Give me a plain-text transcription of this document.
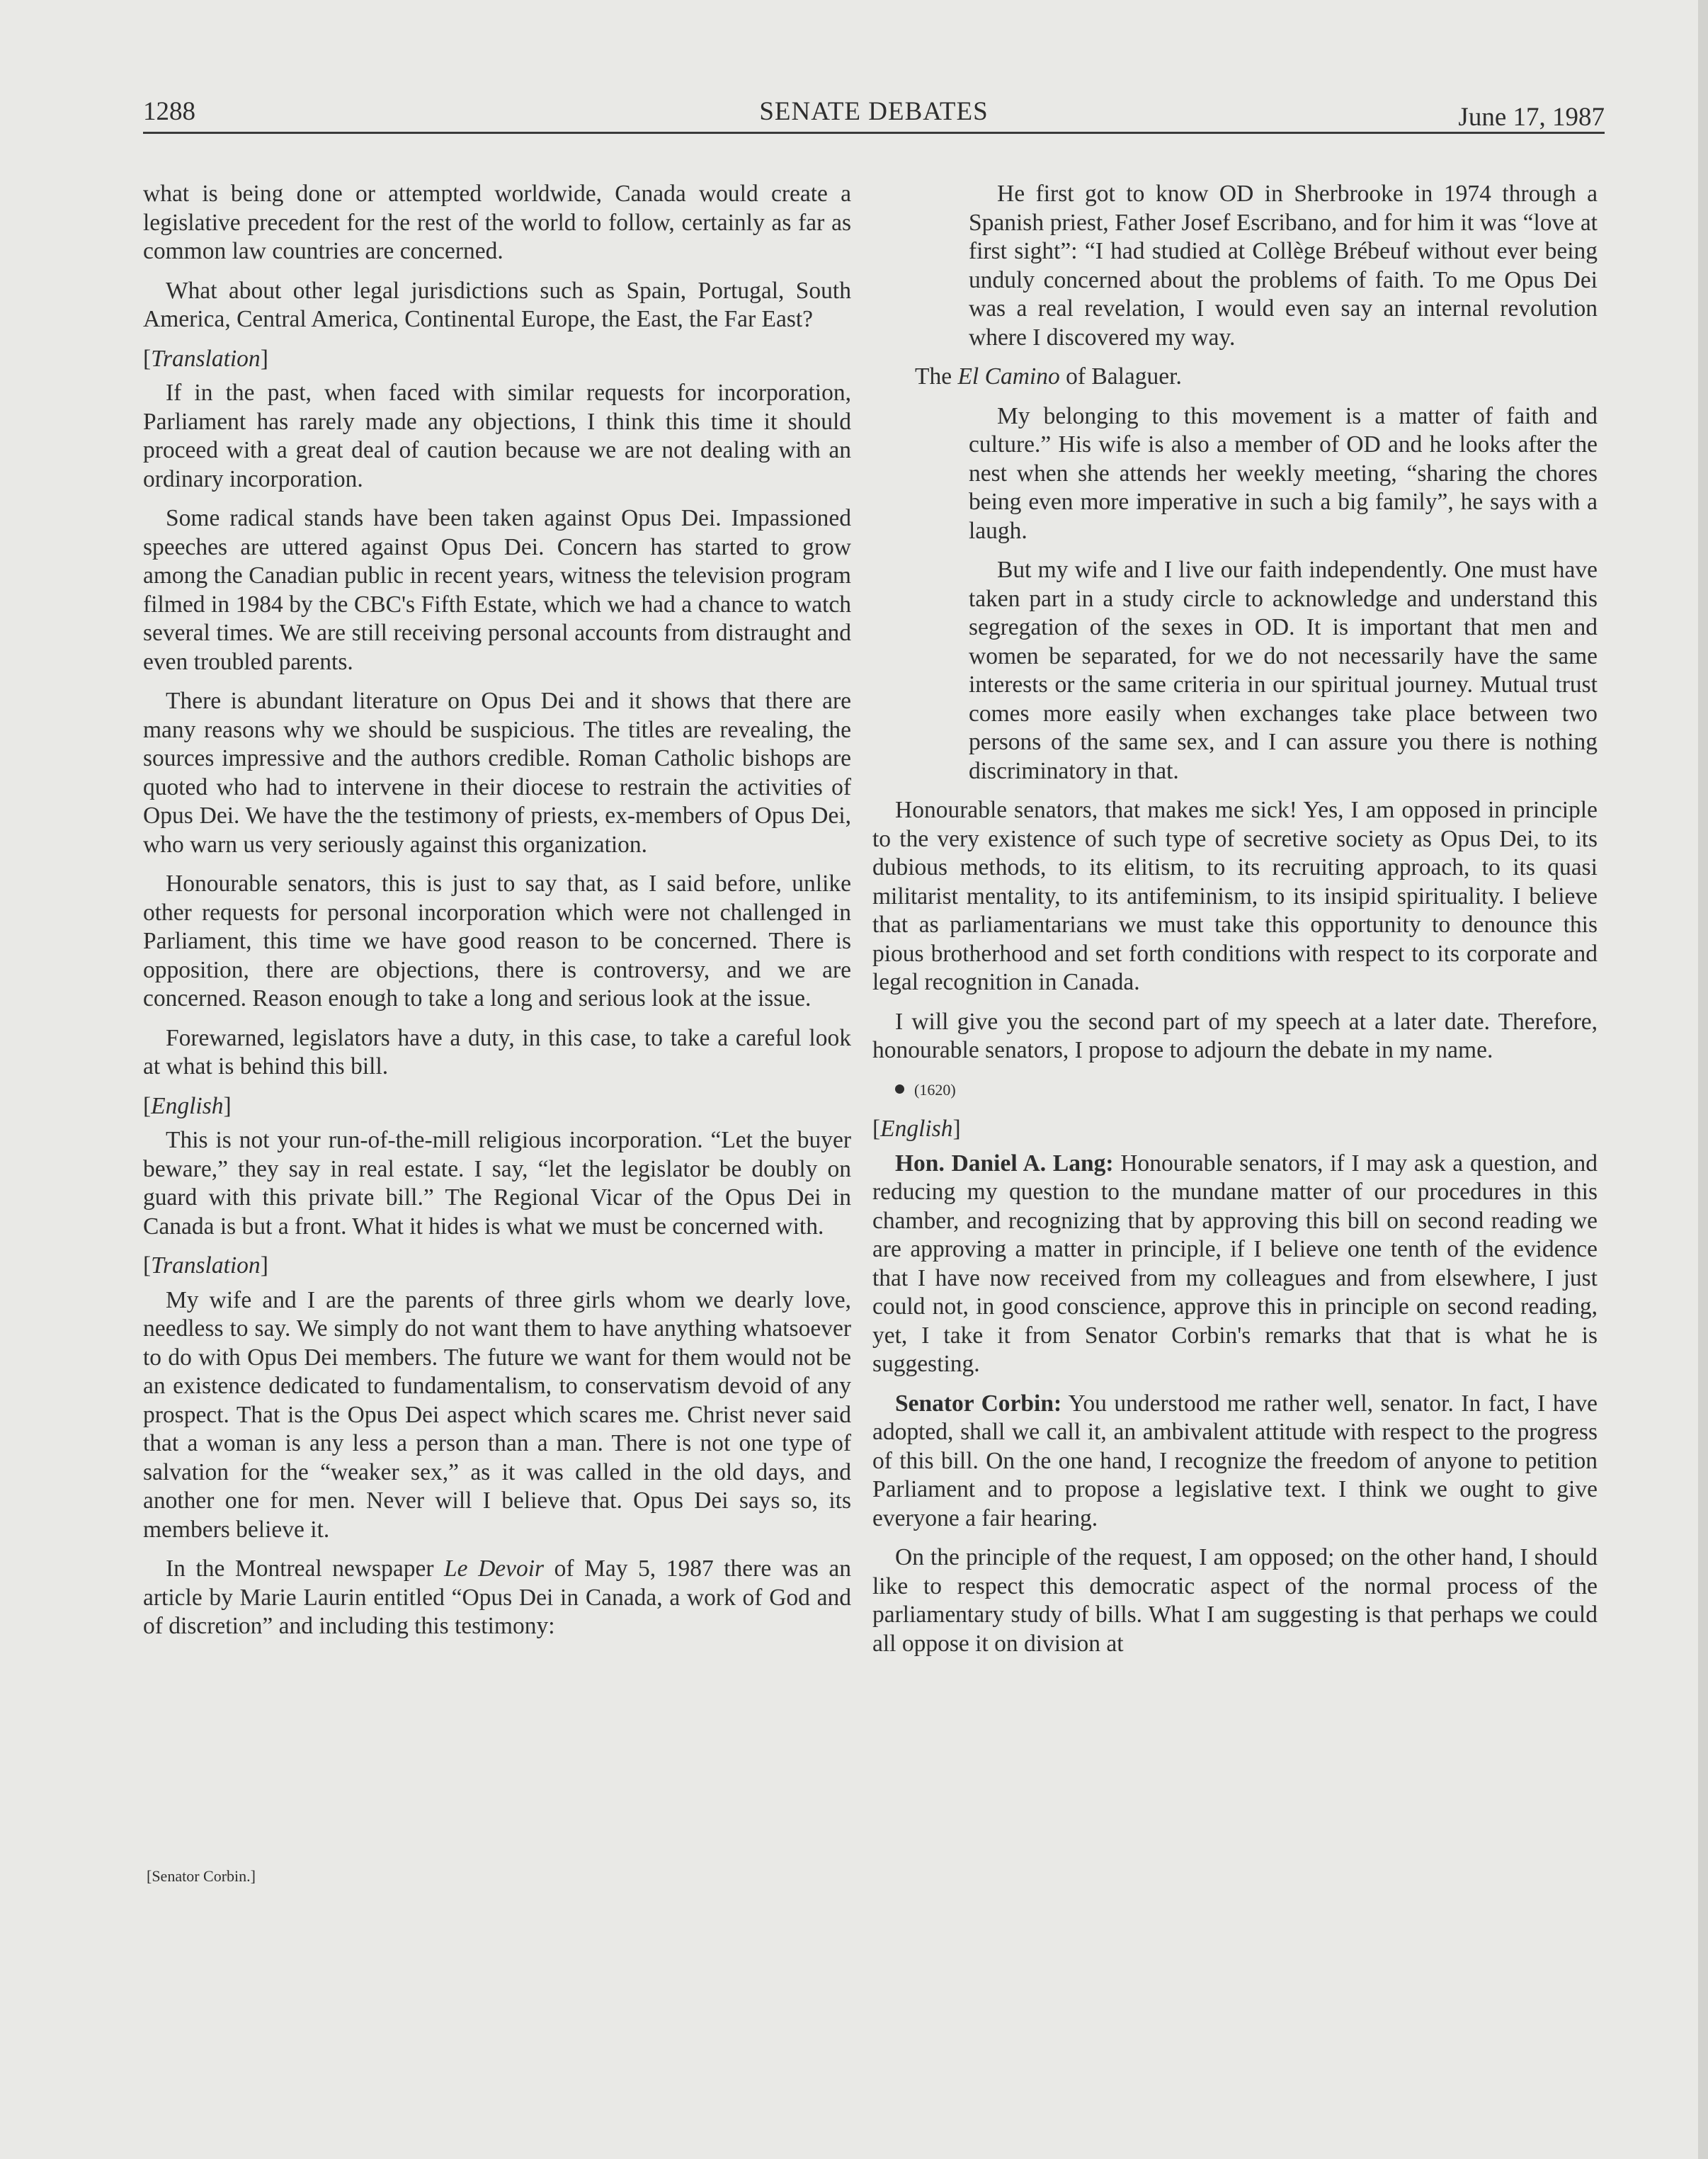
1288	SENATE DEBATES	June 17, 1987

what is being done or attempted worldwide, Canada would create a legislative precedent for the rest of the world to follow, certainly as far as common law countries are concerned.

What about other legal jurisdictions such as Spain, Portugal, South America, Central America, Continental Europe, the East, the Far East?

[Translation]

If in the past, when faced with similar requests for incorporation, Parliament has rarely made any objections, I think this time it should proceed with a great deal of caution because we are not dealing with an ordinary incorporation.

Some radical stands have been taken against Opus Dei. Impassioned speeches are uttered against Opus Dei. Concern has started to grow among the Canadian public in recent years, witness the television program filmed in 1984 by the CBC's Fifth Estate, which we had a chance to watch several times. We are still receiving personal accounts from distraught and even troubled parents.

There is abundant literature on Opus Dei and it shows that there are many reasons why we should be suspicious. The titles are revealing, the sources impressive and the authors credible. Roman Catholic bishops are quoted who had to intervene in their diocese to restrain the activities of Opus Dei. We have the the testimony of priests, ex-members of Opus Dei, who warn us very seriously against this organization.

Honourable senators, this is just to say that, as I said before, unlike other requests for personal incorporation which were not challenged in Parliament, this time we have good reason to be concerned. There is opposition, there are objections, there is controversy, and we are concerned. Reason enough to take a long and serious look at the issue.

Forewarned, legislators have a duty, in this case, to take a careful look at what is behind this bill.

[English]

This is not your run-of-the-mill religious incorporation. “Let the buyer beware,” they say in real estate. I say, “let the legislator be doubly on guard with this private bill.” The Regional Vicar of the Opus Dei in Canada is but a front. What it hides is what we must be concerned with.

[Translation]

My wife and I are the parents of three girls whom we dearly love, needless to say. We simply do not want them to have anything whatsoever to do with Opus Dei members. The future we want for them would not be an existence dedicated to fundamentalism, to conservatism devoid of any prospect. That is the Opus Dei aspect which scares me. Christ never said that a woman is any less a person than a man. There is not one type of salvation for the “weaker sex,” as it was called in the old days, and another one for men. Never will I believe that. Opus Dei says so, its members believe it.

In the Montreal newspaper Le Devoir of May 5, 1987 there was an article by Marie Laurin entitled “Opus Dei in Canada, a work of God and of discretion” and including this testimony:

[Senator Corbin.]

He first got to know OD in Sherbrooke in 1974 through a Spanish priest, Father Josef Escribano, and for him it was “love at first sight”: “I had studied at Collège Brébeuf without ever being unduly concerned about the problems of faith. To me Opus Dei was a real revelation, I would even say an internal revolution where I discovered my way.

The El Camino of Balaguer.

My belonging to this movement is a matter of faith and culture.” His wife is also a member of OD and he looks after the nest when she attends her weekly meeting, “sharing the chores being even more imperative in such a big family”, he says with a laugh.

But my wife and I live our faith independently. One must have taken part in a study circle to acknowledge and understand this segregation of the sexes in OD. It is important that men and women be separated, for we do not necessarily have the same interests or the same criteria in our spiritual journey. Mutual trust comes more easily when exchanges take place between two persons of the same sex, and I can assure you there is nothing discriminatory in that.

Honourable senators, that makes me sick! Yes, I am opposed in principle to the very existence of such type of secretive society as Opus Dei, to its dubious methods, to its elitism, to its recruiting approach, to its quasi militarist mentality, to its antifeminism, to its insipid spirituality. I believe that as parliamentarians we must take this opportunity to denounce this pious brotherhood and set forth conditions with respect to its corporate and legal recognition in Canada.

I will give you the second part of my speech at a later date. Therefore, honourable senators, I propose to adjourn the debate in my name.

(1620)

[English]

Hon. Daniel A. Lang: Honourable senators, if I may ask a question, and reducing my question to the mundane matter of our procedures in this chamber, and recognizing that by approving this bill on second reading we are approving a matter in principle, if I believe one tenth of the evidence that I have now received from my colleagues and from elsewhere, I just could not, in good conscience, approve this in principle on second reading, yet, I take it from Senator Corbin's remarks that that is what he is suggesting.

Senator Corbin: You understood me rather well, senator. In fact, I have adopted, shall we call it, an ambivalent attitude with respect to the progress of this bill. On the one hand, I recognize the freedom of anyone to petition Parliament and to propose a legislative text. I think we ought to give everyone a fair hearing.

On the principle of the request, I am opposed; on the other hand, I should like to respect this democratic aspect of the normal process of the parliamentary study of bills. What I am suggesting is that perhaps we could all oppose it on division at
